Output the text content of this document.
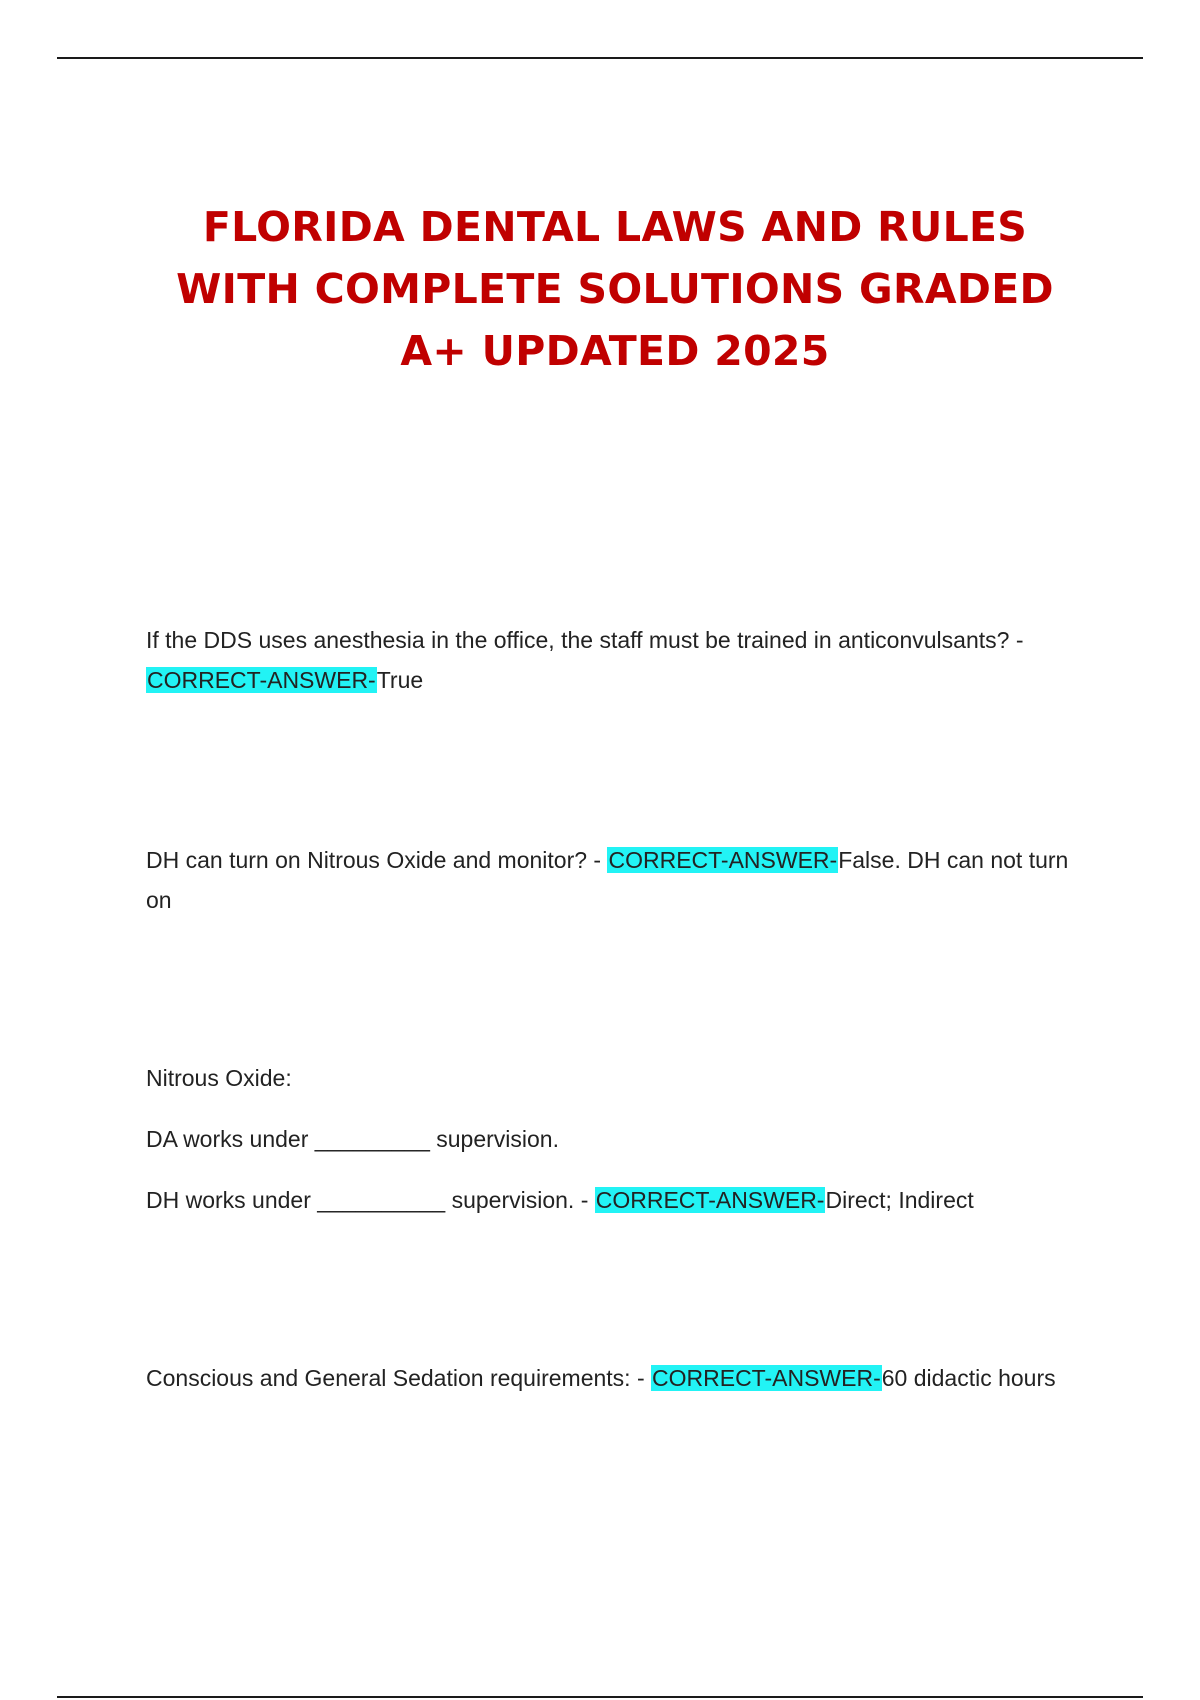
FLORIDA DENTAL LAWS AND RULES
WITH COMPLETE SOLUTIONS GRADED
A+ UPDATED 2025

If the DDS uses anesthesia in the office, the staff must be trained in anticonvulsants? - CORRECT-ANSWER-True

DH can turn on Nitrous Oxide and monitor? - CORRECT-ANSWER-False. DH can not turn on

Nitrous Oxide:

DA works under _________ supervision.

DH works under __________ supervision. - CORRECT-ANSWER-Direct; Indirect

Conscious and General Sedation requirements: - CORRECT-ANSWER-60 didactic hours
